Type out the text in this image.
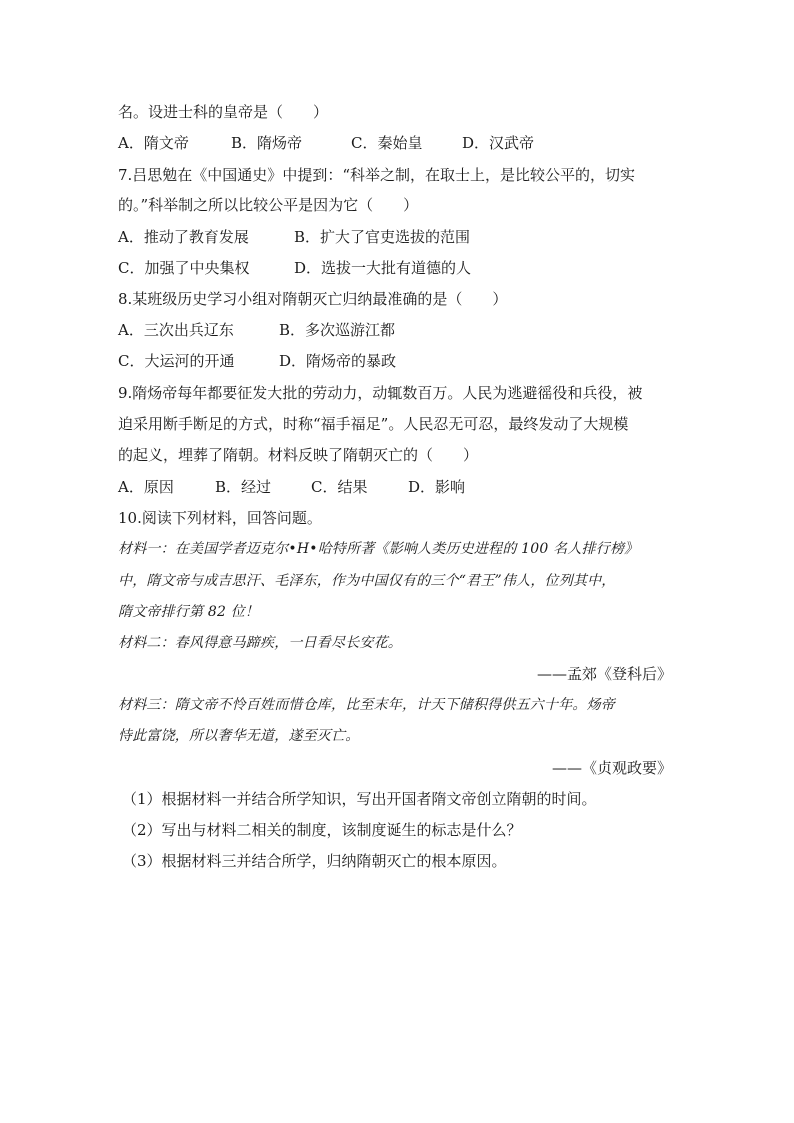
名。设进士科的皇帝是（　　）
A．隋文帝	B．隋炀帝	C．秦始皇	D．汉武帝
7.吕思勉在《中国通史》中提到：“科举之制，在取士上，是比较公平的，切实
的。”科举制之所以比较公平是因为它（　　）
A．推动了教育发展	B．扩大了官吏选拔的范围
C．加强了中央集权	D．选拔一大批有道德的人
8.某班级历史学习小组对隋朝灭亡归纳最准确的是（　　）
A．三次出兵辽东	B．多次巡游江都
C．大运河的开通	D．隋炀帝的暴政
9.隋炀帝每年都要征发大批的劳动力，动辄数百万。人民为逃避徭役和兵役，被
迫采用断手断足的方式，时称“福手福足”。人民忍无可忍，最终发动了大规模
的起义，埋葬了隋朝。材料反映了隋朝灭亡的（　　）
A．原因	B．经过	C．结果	D．影响
10.阅读下列材料，回答问题。
材料一：在美国学者迈克尔•H•哈特所著《影响人类历史进程的 100 名人排行榜》
中，隋文帝与成吉思汗、毛泽东，作为中国仅有的三个“君王”伟人，位列其中，
隋文帝排行第 82 位！
材料二：春风得意马蹄疾，一日看尽长安花。
——孟郊《登科后》
材料三：隋文帝不怜百姓而惜仓库，比至末年，计天下储积得供五六十年。炀帝
恃此富饶，所以奢华无道，遂至灭亡。
——《贞观政要》
（1）根据材料一并结合所学知识，写出开国者隋文帝创立隋朝的时间。
（2）写出与材料二相关的制度，该制度诞生的标志是什么？
（3）根据材料三并结合所学，归纳隋朝灭亡的根本原因。
